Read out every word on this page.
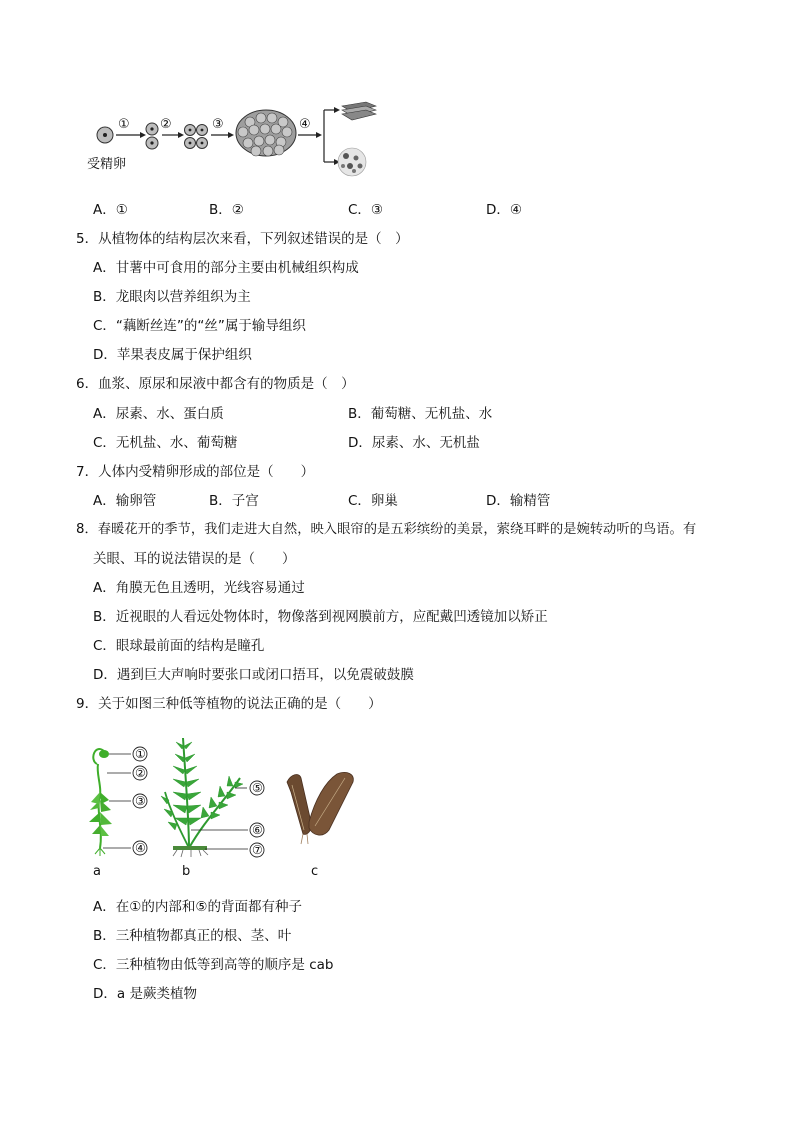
① ②	③	④
受精卵
A．①	B．②	C．③	D．④
5．从植物体的结构层次来看，下列叙述错误的是（　）
A．甘薯中可食用的部分主要由机械组织构成
B．龙眼肉以营养组织为主
C．“藕断丝连”的“丝”属于输导组织
D．苹果表皮属于保护组织
6．血浆、原尿和尿液中都含有的物质是（　）
A．尿素、水、蛋白质	B．葡萄糖、无机盐、水
C．无机盐、水、葡萄糖	D．尿素、水、无机盐
7．人体内受精卵形成的部位是（　　）
A．输卵管	B．子宫	C．卵巢	D．输精管
8．春暖花开的季节，我们走进大自然，映入眼帘的是五彩缤纷的美景，萦绕耳畔的是婉转动听的鸟语。有
关眼、耳的说法错误的是（　　）
A．角膜无色且透明，光线容易通过
B．近视眼的人看远处物体时，物像落到视网膜前方，应配戴凹透镜加以矫正
C．眼球最前面的结构是瞳孔
D．遇到巨大声响时要张口或闭口捂耳，以免震破鼓膜
9．关于如图三种低等植物的说法正确的是（　　）
①
②
③
④
⑤
⑥
⑦
a	b	c
A．在①的内部和⑤的背面都有种子
B．三种植物都真正的根、茎、叶
C．三种植物由低等到高等的顺序是 cab
D．a 是蕨类植物
